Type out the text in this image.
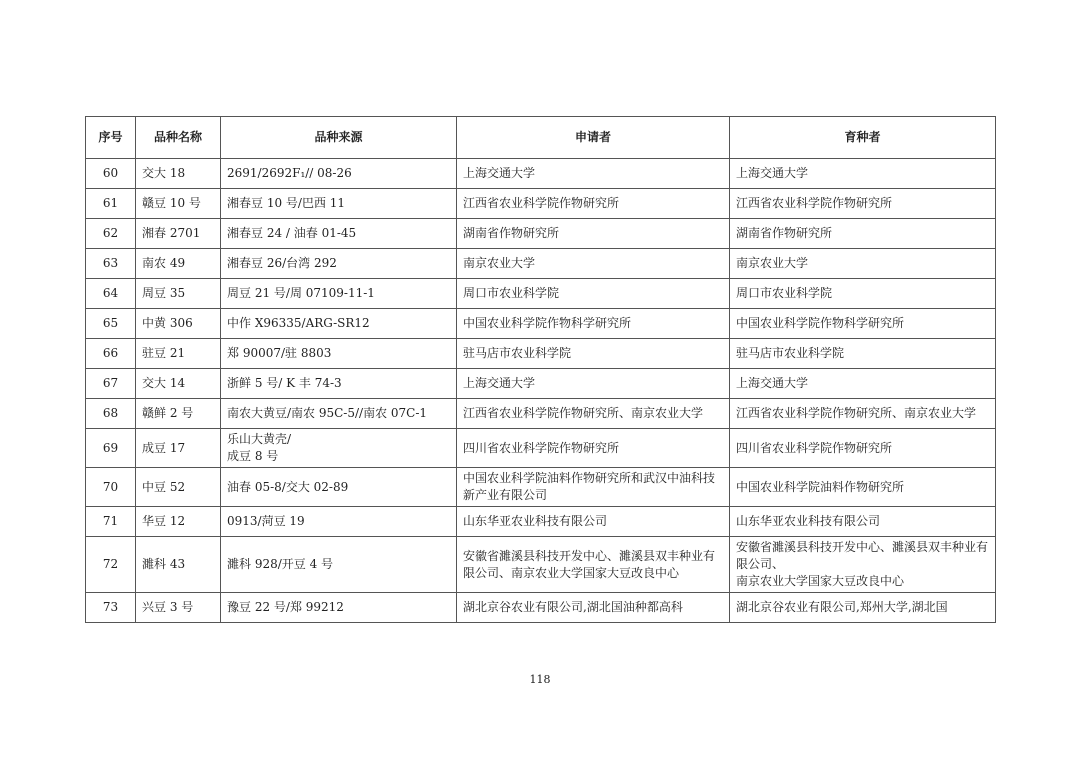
序号	品种名称	品种来源	申请者	育种者
60	交大 18	2691/2692F₁// 08-26	上海交通大学	上海交通大学
61	赣豆 10 号	湘春豆 10 号/巴西 11	江西省农业科学院作物研究所	江西省农业科学院作物研究所
62	湘春 2701	湘春豆 24 / 油春 01-45	湖南省作物研究所	湖南省作物研究所
63	南农 49	湘春豆 26/台湾 292	南京农业大学	南京农业大学
64	周豆 35	周豆 21 号/周 07109-11-1	周口市农业科学院	周口市农业科学院
65	中黄 306	中作 X96335/ARG-SR12	中国农业科学院作物科学研究所	中国农业科学院作物科学研究所
66	驻豆 21	郑 90007/驻 8803	驻马店市农业科学院	驻马店市农业科学院
67	交大 14	浙鲜 5 号/ K 丰 74-3	上海交通大学	上海交通大学
68	赣鲜 2 号	南农大黄豆/南农 95C-5//南农 07C-1	江西省农业科学院作物研究所、南京农业大学	江西省农业科学院作物研究所、南京农业大学
69	成豆 17	乐山大黄壳/
成豆 8 号	四川省农业科学院作物研究所	四川省农业科学院作物研究所
70	中豆 52	油春 05-8/交大 02-89	中国农业科学院油料作物研究所和武汉中油科技新产业有限公司	中国农业科学院油料作物研究所
71	华豆 12	0913/菏豆 19	山东华亚农业科技有限公司	山东华亚农业科技有限公司
72	濉科 43	濉科 928/开豆 4 号	安徽省濉溪县科技开发中心、濉溪县双丰种业有限公司、南京农业大学国家大豆改良中心	安徽省濉溪县科技开发中心、濉溪县双丰种业有限公司、
南京农业大学国家大豆改良中心
73	兴豆 3 号	豫豆 22 号/郑 99212	湖北京谷农业有限公司,湖北国油种都高科	湖北京谷农业有限公司,郑州大学,湖北国
118
